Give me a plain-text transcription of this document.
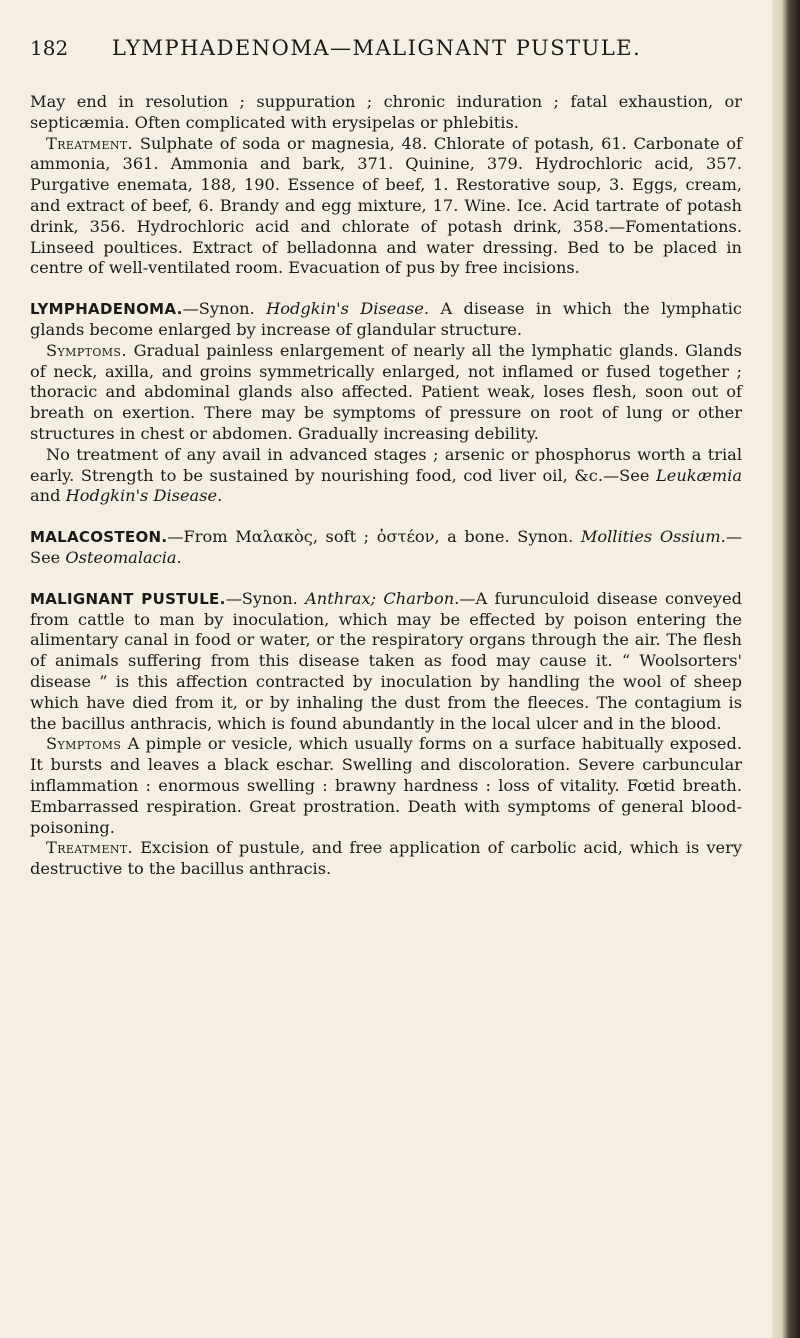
182	LYMPHADENOMA—MALIGNANT PUSTULE.

May end in resolution ; suppuration ; chronic induration ; fatal exhaustion, or septicæmia. Often complicated with erysipelas or phlebitis.

Treatment. Sulphate of soda or magnesia, 48. Chlorate of potash, 61. Carbonate of ammonia, 361. Ammonia and bark, 371. Quinine, 379. Hydrochloric acid, 357. Purgative enemata, 188, 190. Essence of beef, 1. Restorative soup, 3. Eggs, cream, and extract of beef, 6. Brandy and egg mixture, 17. Wine. Ice. Acid tartrate of potash drink, 356. Hydrochloric acid and chlorate of potash drink, 358.—Fomentations. Linseed poultices. Extract of belladonna and water dressing. Bed to be placed in centre of well-ventilated room. Evacuation of pus by free incisions.

LYMPHADENOMA.—Synon. Hodgkin's Disease. A disease in which the lymphatic glands become enlarged by increase of glandular structure.

Symptoms. Gradual painless enlargement of nearly all the lymphatic glands. Glands of neck, axilla, and groins symmetrically enlarged, not inflamed or fused together ; thoracic and abdominal glands also affected. Patient weak, loses flesh, soon out of breath on exertion. There may be symptoms of pressure on root of lung or other structures in chest or abdomen. Gradually increasing debility.

No treatment of any avail in advanced stages ; arsenic or phosphorus worth a trial early. Strength to be sustained by nourishing food, cod liver oil, &c.—See Leukæmia and Hodgkin's Disease.

MALACOSTEON.—From Μαλακὸς, soft ; ὀστέον, a bone. Synon. Mollities Ossium.—See Osteomalacia.

MALIGNANT PUSTULE.—Synon. Anthrax; Charbon.—A furunculoid disease conveyed from cattle to man by inoculation, which may be effected by poison entering the alimentary canal in food or water, or the respiratory organs through the air. The flesh of animals suffering from this disease taken as food may cause it. “ Woolsorters' disease ” is this affection contracted by inoculation by handling the wool of sheep which have died from it, or by inhaling the dust from the fleeces. The contagium is the bacillus anthracis, which is found abundantly in the local ulcer and in the blood.

Symptoms A pimple or vesicle, which usually forms on a surface habitually exposed. It bursts and leaves a black eschar. Swelling and discoloration. Severe carbuncular inflammation : enormous swelling : brawny hardness : loss of vitality. Fœtid breath. Embarrassed respiration. Great prostration. Death with symptoms of general blood-poisoning.

Treatment. Excision of pustule, and free application of carbolic acid, which is very destructive to the bacillus anthracis.
